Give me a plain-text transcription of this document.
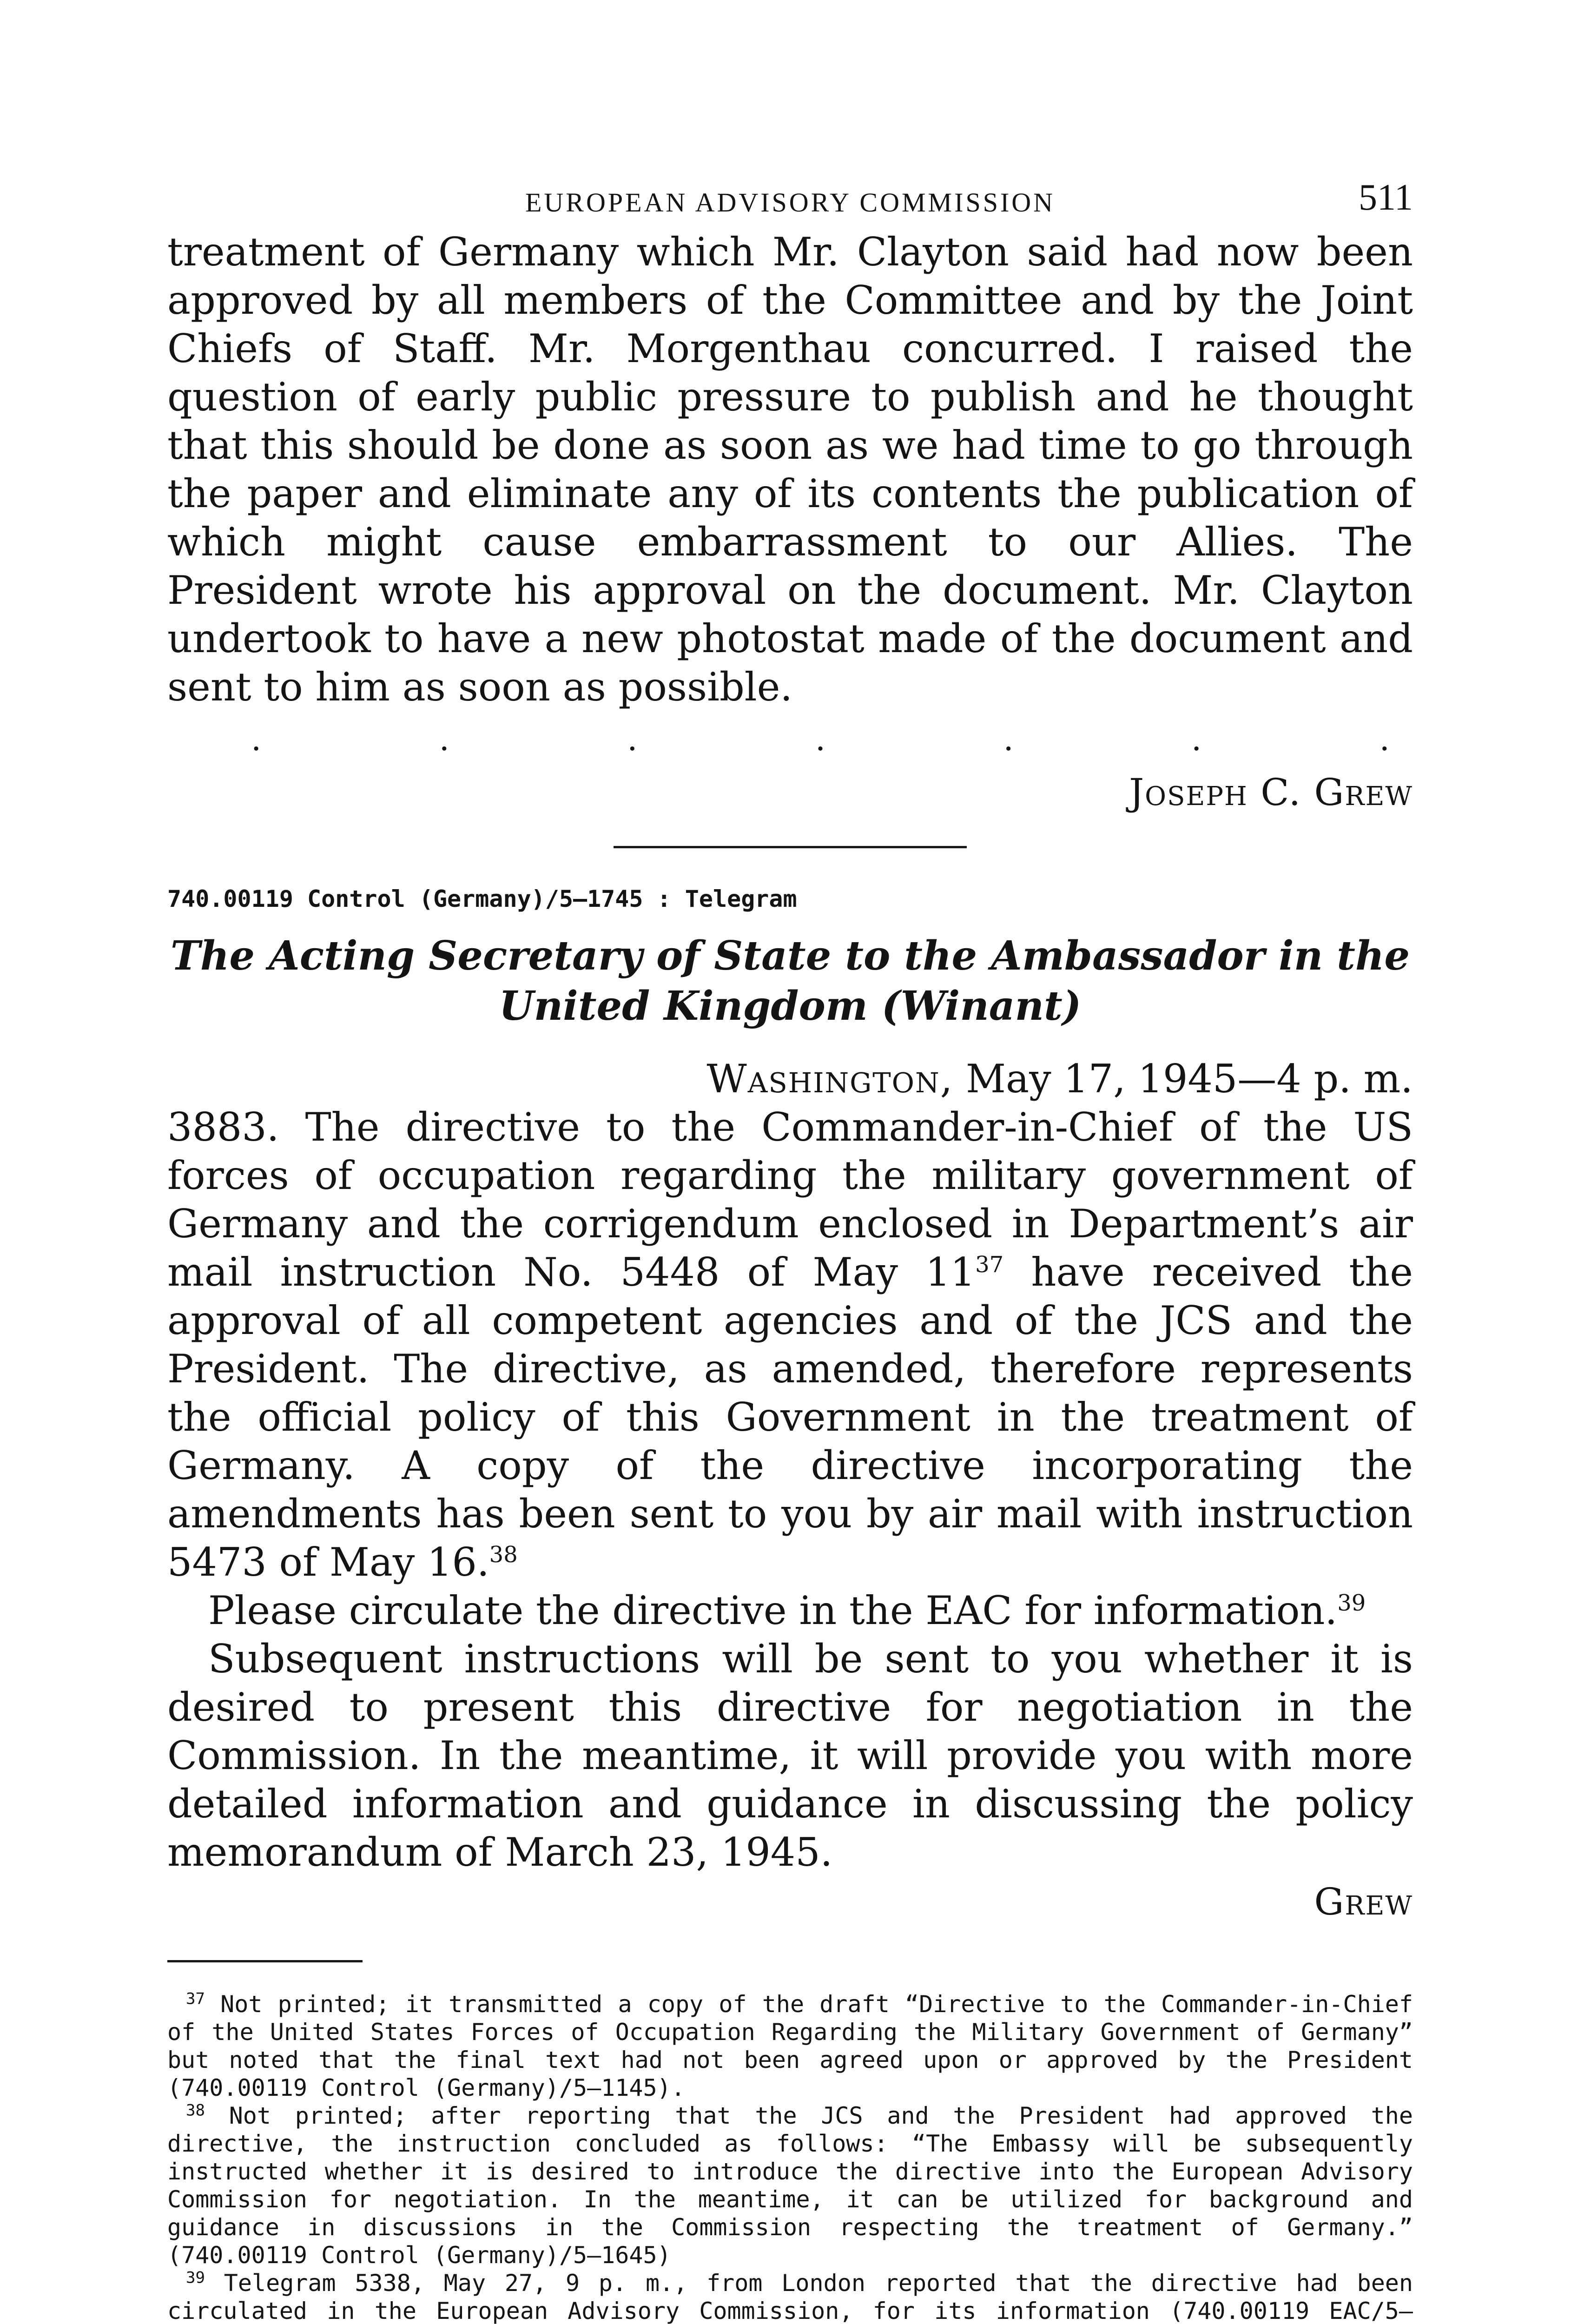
EUROPEAN ADVISORY COMMISSION	511

treatment of Germany which Mr. Clayton said had now been approved by all members of the Committee and by the Joint Chiefs of Staff. Mr. Morgenthau concurred. I raised the question of early public pressure to publish and he thought that this should be done as soon as we had time to go through the paper and eliminate any of its contents the publication of which might cause embarrassment to our Allies. The President wrote his approval on the document. Mr. Clayton undertook to have a new photostat made of the document and sent to him as soon as possible.

.	.	.	.	.	.	.
Joseph C. Grew
740.00119 Control (Germany)/5–1745 : Telegram
The Acting Secretary of State to the Ambassador in the United Kingdom (Winant)
Washington, May 17, 1945—4 p. m.

3883. The directive to the Commander-in-Chief of the US forces of occupation regarding the military government of Germany and the corrigendum enclosed in Department’s air mail instruction No. 5448 of May $11^{37}$ have received the approval of all competent agencies and of the JCS and the President. The directive, as amended, therefore represents the official policy of this Government in the treatment of Germany. A copy of the directive incorporating the amendments has been sent to you by air mail with instruction 5473 of May 16.38

Please circulate the directive in the EAC for information.$^{39}$

Subsequent instructions will be sent to you whether it is desired to present this directive for negotiation in the Commission. In the meantime, it will provide you with more detailed information and guidance in discussing the policy memorandum of March 23, 1945.

Grew

$^{37}$ Not printed; it transmitted a copy of the draft “Directive to the Commander-in-Chief of the United States Forces of Occupation Regarding the Military Government of Germany” but noted that the final text had not been agreed upon or approved by the President (740.00119 Control (Germany)/5–1145).

$^{38}$ Not printed; after reporting that the JCS and the President had approved the directive, the instruction concluded as follows: “The Embassy will be subsequently instructed whether it is desired to introduce the directive into the European Advisory Commission for negotiation. In the meantime, it can be utilized for background and guidance in discussions in the Commission respecting the treatment of Germany.” (740.00119 Control (Germany)/5–1645)

$^{39}$ Telegram 5338, May 27, 9 p. m., from London reported that the directive had been circulated in the European Advisory Commission, for its information (740.00119 EAC/5–
